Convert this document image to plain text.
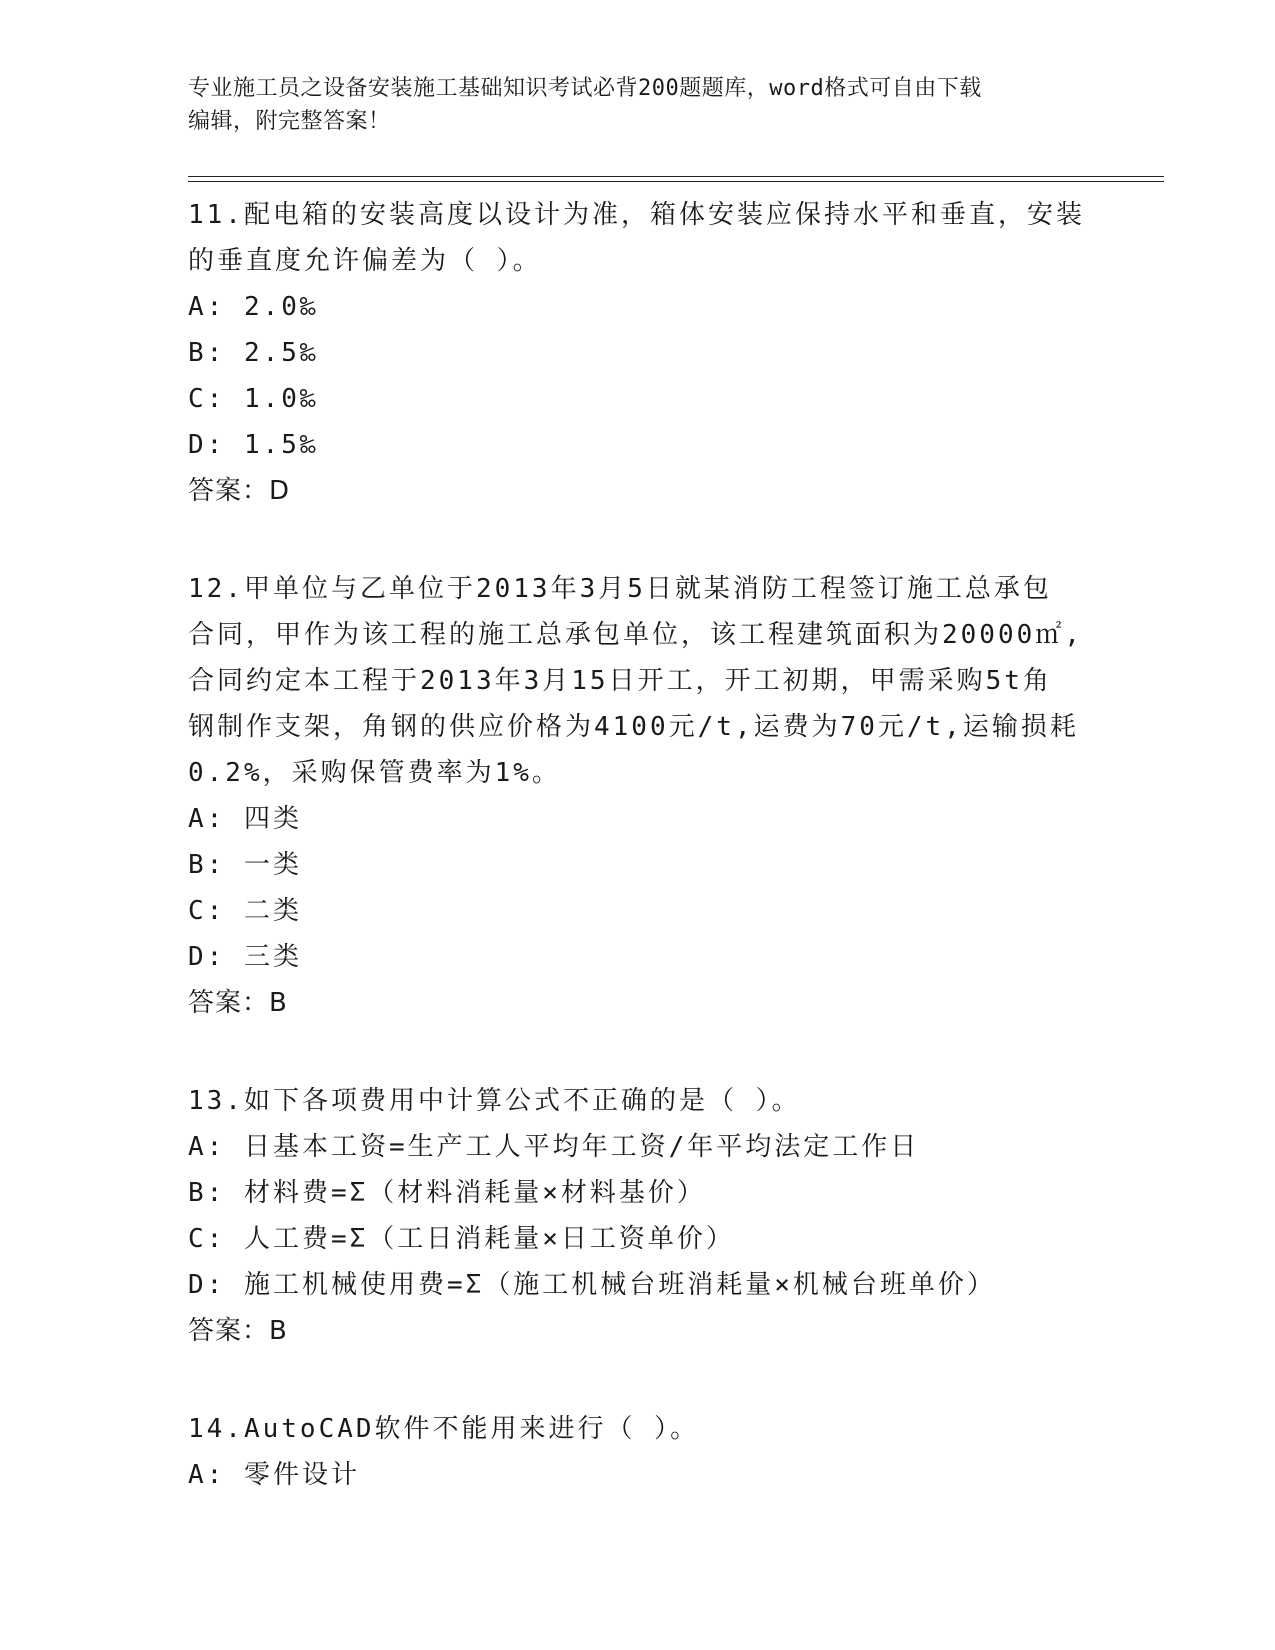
专业施工员之设备安装施工基础知识考试必背200题题库，word格式可自由下载
编辑，附完整答案！
11.配电箱的安装高度以设计为准，箱体安装应保持水平和垂直，安装
的垂直度允许偏差为（ ）。
A: 2.0‰
B: 2.5‰
C: 1.0‰
D: 1.5‰
答案：D
12.甲单位与乙单位于2013年3月5日就某消防工程签订施工总承包
合同，甲作为该工程的施工总承包单位，该工程建筑面积为20000㎡,
合同约定本工程于2013年3月15日开工，开工初期，甲需采购5t角
钢制作支架，角钢的供应价格为4100元/t,运费为70元/t,运输损耗
0.2%，采购保管费率为1%。
A: 四类
B: 一类
C: 二类
D: 三类
答案：B
13.如下各项费用中计算公式不正确的是（ ）。
A: 日基本工资=生产工人平均年工资/年平均法定工作日
B: 材料费=Σ（材料消耗量×材料基价）
C: 人工费=Σ（工日消耗量×日工资单价）
D: 施工机械使用费=Σ（施工机械台班消耗量×机械台班单价）
答案：B
14.AutoCAD软件不能用来进行（ ）。
A: 零件设计
